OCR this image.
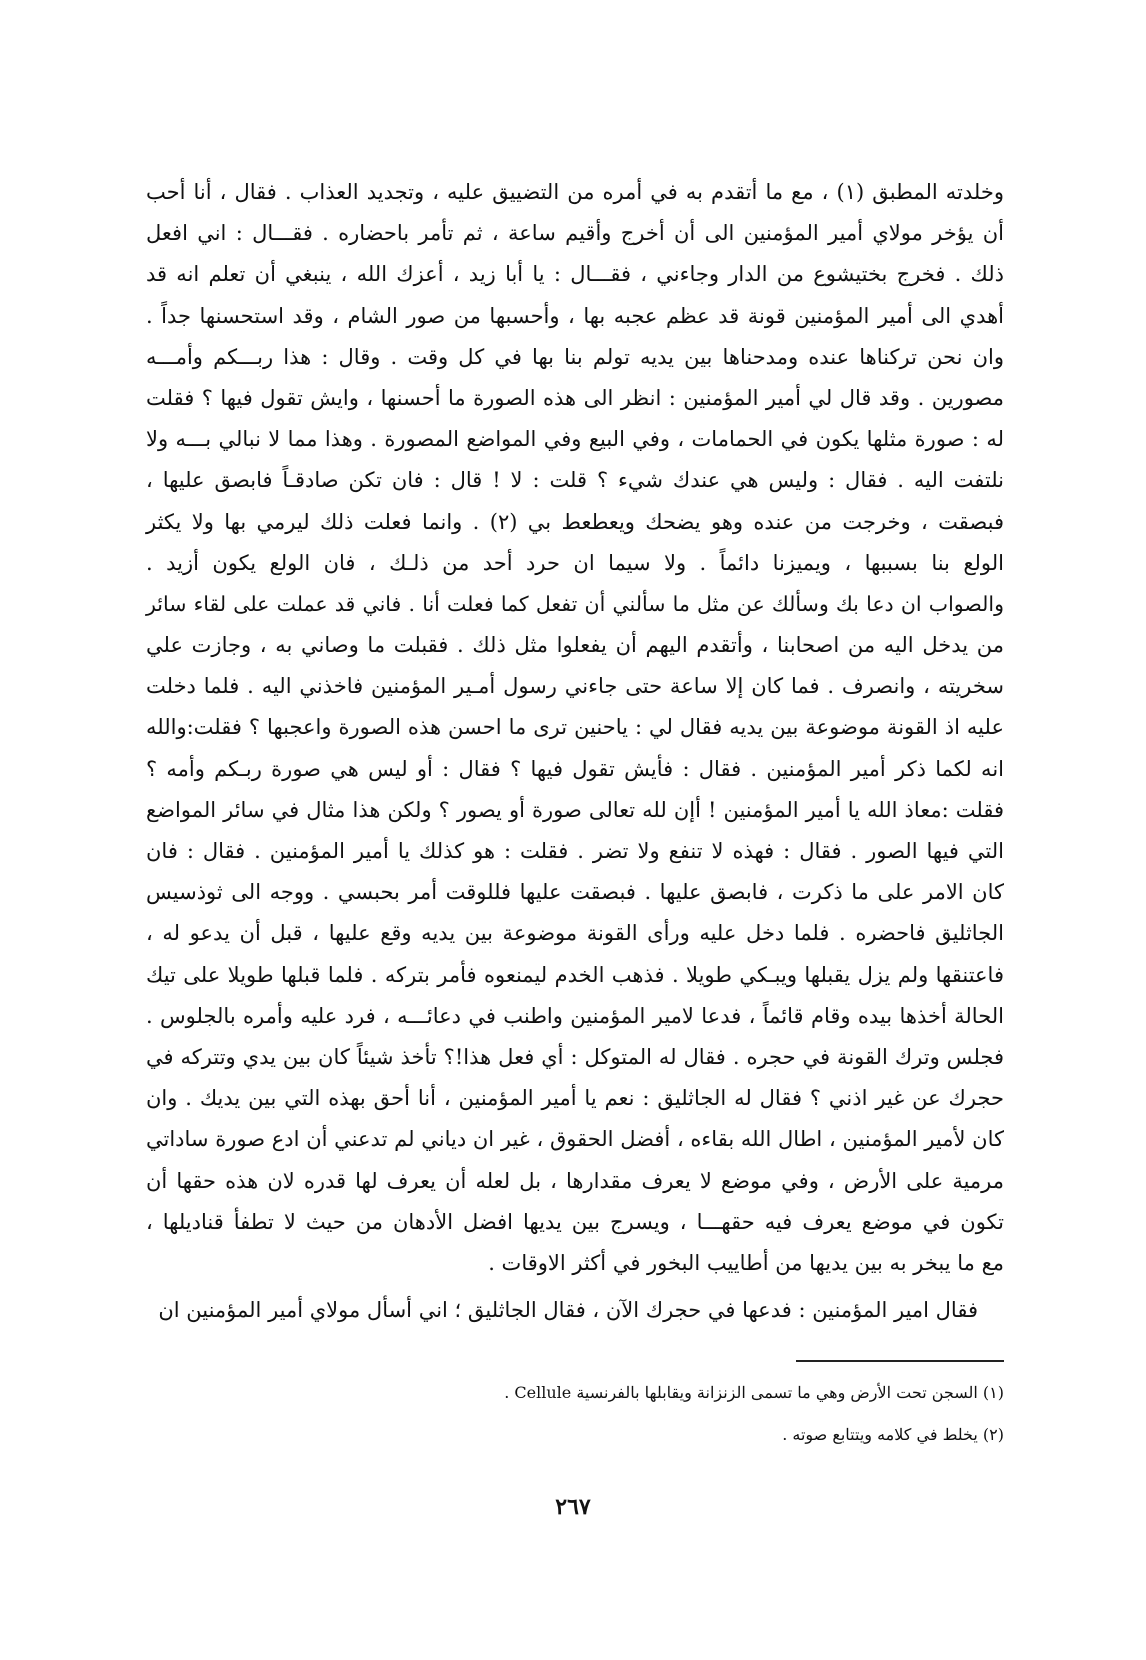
وخلدته المطبق (١) ، مع ما أتقدم به في أمره من التضييق عليه ، وتجديد العذاب . فقال ، أنا أحب
أن يؤخر مولاي أمير المؤمنين الى أن أخرج وأقيم ساعة ، ثم تأمر باحضاره . فقـــال : اني افعل
ذلك . فخرج بختيشوع من الدار وجاءني ، فقـــال : يا أبا زيد ، أعزك الله ، ينبغي أن تعلم انه قد
أهدي الى أمير المؤمنين قونة قد عظم عجبه بها ، وأحسبها من صور الشام ، وقد استحسنها جداً .
وان نحن تركناها عنده ومدحناها بين يديه تولم بنا بها في كل وقت . وقال : هذا ربـــكم وأمـــه
مصورين . وقد قال لي أمير المؤمنين : انظر الى هذه الصورة ما أحسنها ، وايش تقول فيها ؟ فقلت
له : صورة مثلها يكون في الحمامات ، وفي البيع وفي المواضع المصورة . وهذا مما لا نبالي بـــه ولا
نلتفت اليه . فقال : وليس هي عندك شيء ؟ قلت : لا ! قال : فان تكن صادقـاً فابصق عليها ،
فبصقت ، وخرجت من عنده وهو يضحك ويعطعط بي (٢) . وانما فعلت ذلك ليرمي بها ولا يكثر
الولع بنا بسببها ، ويميزنا دائماً . ولا سيما ان حرد أحد من ذلـك ، فان الولع يكون أزيد .
والصواب ان دعا بك وسألك عن مثل ما سألني أن تفعل كما فعلت أنا . فاني قد عملت على لقاء سائر
من يدخل اليه من اصحابنا ، وأتقدم اليهم أن يفعلوا مثل ذلك . فقبلت ما وصاني به ، وجازت علي
سخريته ، وانصرف . فما كان إلا ساعة حتى جاءني رسول أمـير المؤمنين فاخذني اليه . فلما دخلت
عليه اذ القونة موضوعة بين يديه فقال لي : ياحنين ترى ما احسن هذه الصورة واعجبها ؟ فقلت:والله
انه لكما ذكر أمير المؤمنين . فقال : فأيش تقول فيها ؟ فقال : أو ليس هي صورة ربـكم وأمه ؟
فقلت :معاذ الله يا أمير المؤمنين ! أإن لله تعالى صورة أو يصور ؟ ولكن هذا مثال في سائر المواضع
التي فيها الصور . فقال : فهذه لا تنفع ولا تضر . فقلت : هو كذلك يا أمير المؤمنين . فقال : فان
كان الامر على ما ذكرت ، فابصق عليها . فبصقت عليها فللوقت أمر بحبسي . ووجه الى ثوذسيس
الجاثليق فاحضره . فلما دخل عليه ورأى القونة موضوعة بين يديه وقع عليها ، قبل أن يدعو له ،
فاعتنقها ولم يزل يقبلها ويبـكي طويلا . فذهب الخدم ليمنعوه فأمر بتركه . فلما قبلها طويلا على تيك
الحالة أخذها بيده وقام قائماً ، فدعا لامير المؤمنين واطنب في دعائـــه ، فرد عليه وأمره بالجلوس .
فجلس وترك القونة في حجره . فقال له المتوكل : أي فعل هذا!؟ تأخذ شيئاً كان بين يدي وتتركه في
حجرك عن غير اذني ؟ فقال له الجاثليق : نعم يا أمير المؤمنين ، أنا أحق بهذه التي بين يديك . وان
كان لأمير المؤمنين ، اطال الله بقاءه ، أفضل الحقوق ، غير ان دياني لم تدعني أن ادع صورة ساداتي
مرمية على الأرض ، وفي موضع لا يعرف مقدارها ، بل لعله أن يعرف لها قدره لان هذه حقها أن
تكون في موضع يعرف فيه حقهـــا ، ويسرج بين يديها افضل الأدهان من حيث لا تطفأ قناديلها ،
مع ما يبخر به بين يديها من أطاييب البخور في أكثر الاوقات .
فقال امير المؤمنين : فدعها في حجرك الآن ، فقال الجاثليق ؛ اني أسأل مولاي أمير المؤمنين ان
(١) السجن تحت الأرض وهي ما تسمى الزنزانة ويقابلها بالفرنسية Cellule .
(٢) يخلط في كلامه ويتتابع صوته .
٢٦٧
